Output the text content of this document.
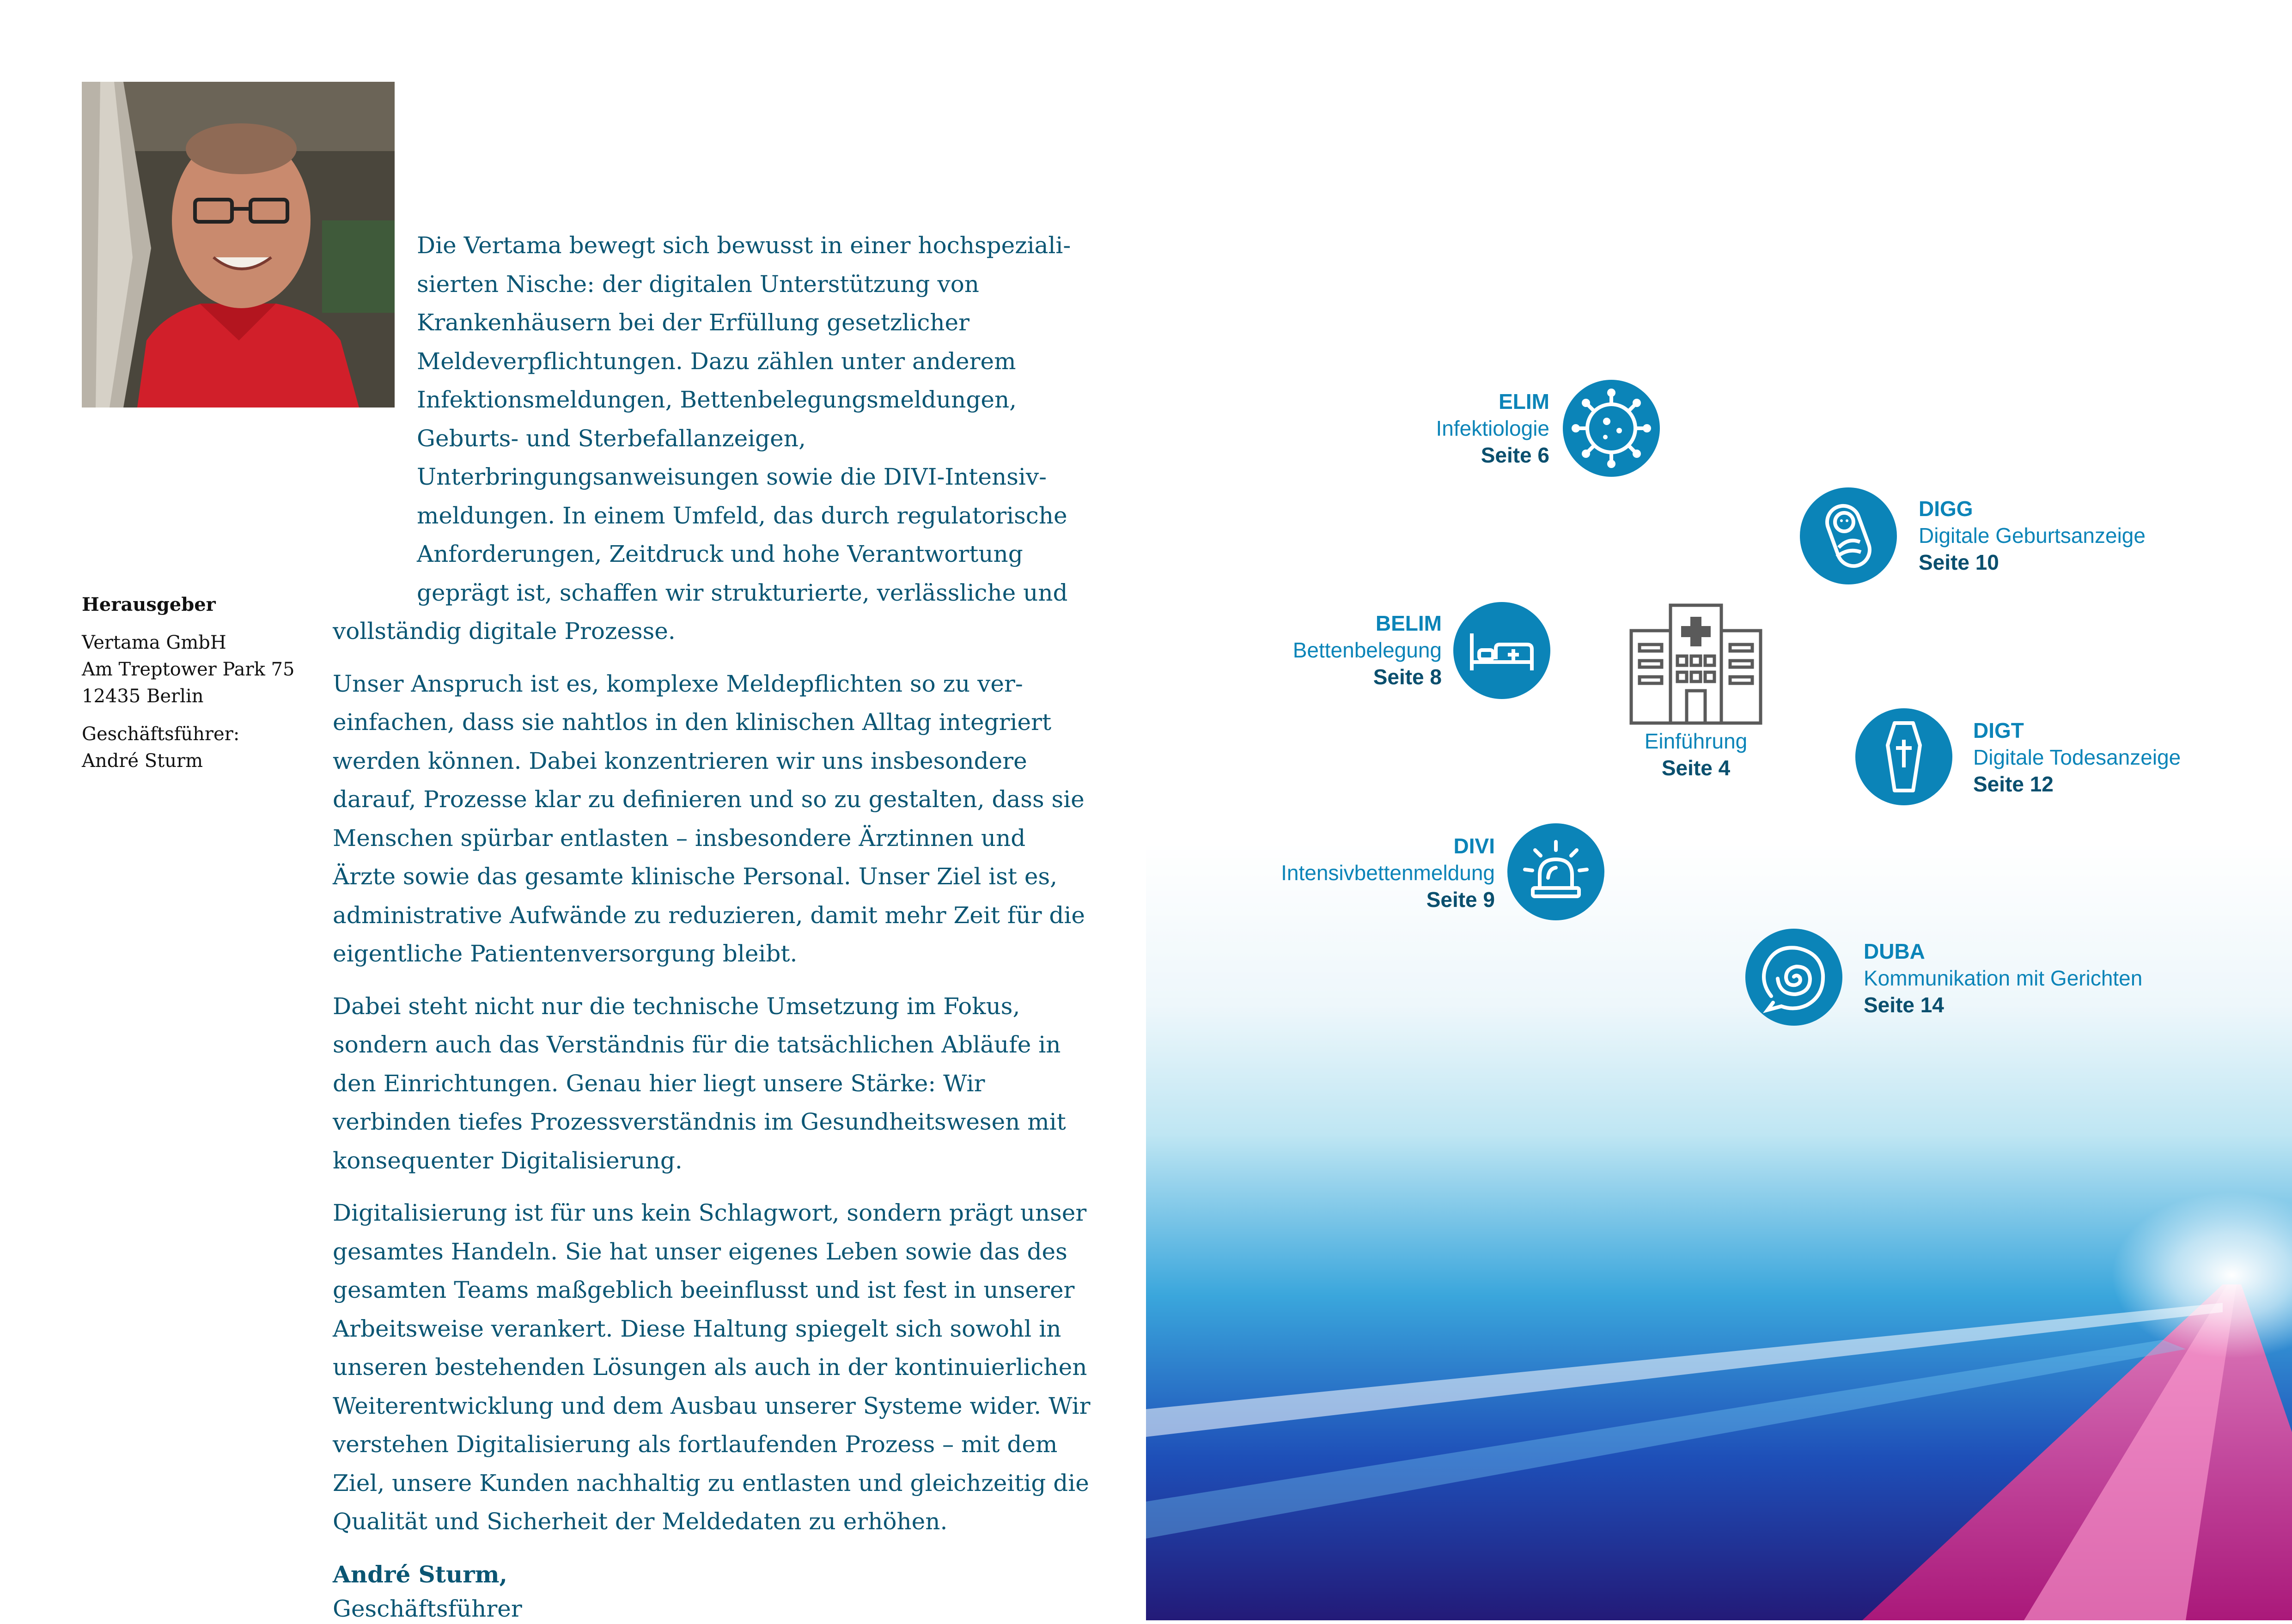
Die Vertama bewegt sich bewusst in einer hochspezialisierten Nische: der digitalen Unterstützung von Krankenhäusern bei der Erfüllung gesetzlicher Meldeverpflichtungen. Dazu zählen unter anderem Infektionsmeldungen, Bettenbelegungsmeldungen, Geburts- und Sterbefallanzeigen, Unterbringungsanweisungen sowie die DIVI-Intensivmeldungen. In einem Umfeld, das durch regulatorische Anforderungen, Zeitdruck und hohe Verantwortung geprägt ist, schaffen wir strukturierte, verlässliche und vollständig digitale Prozesse.

Unser Anspruch ist es, komplexe Meldepflichten so zu vereinfachen, dass sie nahtlos in den klinischen Alltag integriert werden können. Dabei konzentrieren wir uns insbesondere darauf, Prozesse klar zu definieren und so zu gestalten, dass sie Menschen spürbar entlasten – insbesondere Ärztinnen und Ärzte sowie das gesamte klinische Personal. Unser Ziel ist es, administrative Aufwände zu reduzieren, damit mehr Zeit für die eigentliche Patientenversorgung bleibt.

Dabei steht nicht nur die technische Umsetzung im Fokus, sondern auch das Verständnis für die tatsächlichen Abläufe in den Einrichtungen. Genau hier liegt unsere Stärke: Wir verbinden tiefes Prozessverständnis im Gesundheitswesen mit konsequenter Digitalisierung.

Digitalisierung ist für uns kein Schlagwort, sondern prägt unser gesamtes Handeln. Sie hat unser eigenes Leben sowie das des gesamten Teams maßgeblich beeinflusst und ist fest in unserer Arbeitsweise verankert. Diese Haltung spiegelt sich sowohl in unseren bestehenden Lösungen als auch in der kontinuierlichen Weiterentwicklung und dem Ausbau unserer Systeme wider. Wir verstehen Digitalisierung als fortlaufenden Prozess – mit dem Ziel, unsere Kunden nachhaltig zu entlasten und gleichzeitig die Qualität und Sicherheit der Meldedaten zu erhöhen.

André Sturm,

Geschäftsführer

Herausgeber
Vertama GmbH
Am Treptower Park 75
12435 Berlin
Geschäftsführer:
André Sturm
Einführung
Seite 4
ELIM
Infektiologie
Seite 6
DIGG
Digitale Geburtsanzeige
Seite 10
BELIM
Bettenbelegung
Seite 8
DIGT
Digitale Todesanzeige
Seite 12
DIVI
Intensivbettenmeldung
Seite 9
DUBA
Kommunikation mit Gerichten
Seite 14
